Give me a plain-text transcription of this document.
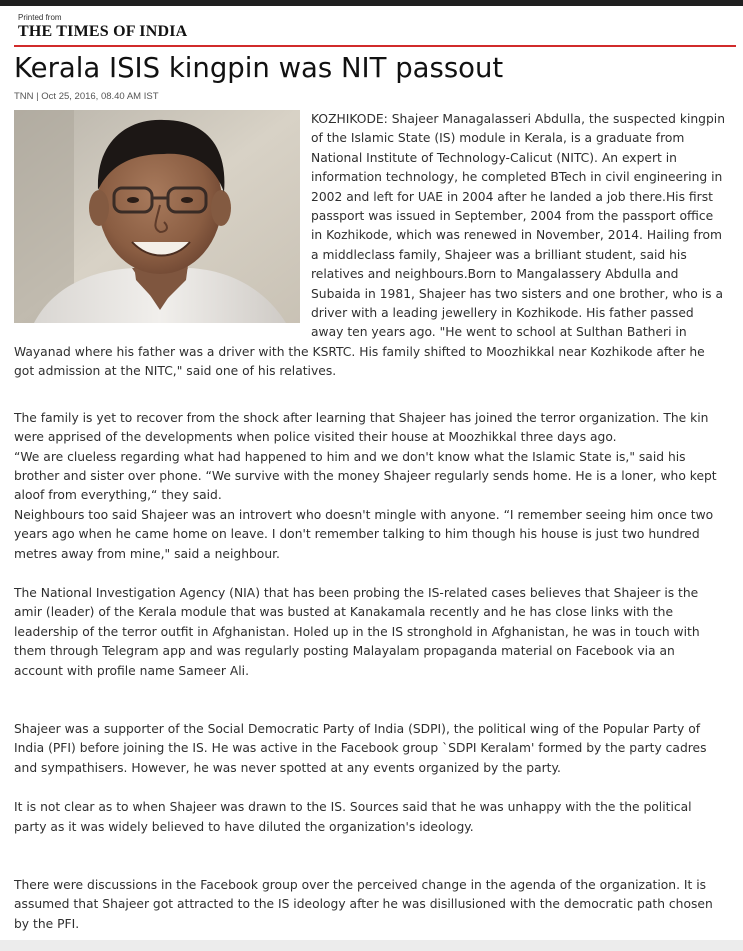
Printed from
THE TIMES OF INDIA
Kerala ISIS kingpin was NIT passout
TNN | Oct 25, 2016, 08.40 AM IST

KOZHIKODE: Shajeer Managalasseri Abdulla, the suspected kingpin of the Islamic State (IS) module in Kerala, is a graduate from National Institute of Technology-Calicut (NITC). An expert in information technology, he completed BTech in civil engineering in 2002 and left for UAE in 2004 after he landed a job there.His first passport was issued in September, 2004 from the passport office in Kozhikode, which was renewed in November, 2014. Hailing from a middleclass family, Shajeer was a brilliant student, said his relatives and neighbours.Born to Mangalassery Abdulla and Subaida in 1981, Shajeer has two sisters and one brother, who is a driver with a leading jewellery in Kozhikode. His father passed away ten years ago. "He went to school at Sulthan Batheri in Wayanad where his father was a driver with the KSRTC. His family shifted to Moozhikkal near Kozhikode after he got admission at the NITC," said one of his relatives.

The family is yet to recover from the shock after learning that Shajeer has joined the terror organization. The kin were apprised of the developments when police visited their house at Moozhikkal three days ago.

“We are clueless regarding what had happened to him and we don't know what the Islamic State is," said his brother and sister over phone. “We survive with the money Shajeer regularly sends home. He is a loner, who kept aloof from everything,“ they said.

Neighbours too said Shajeer was an introvert who doesn't mingle with anyone. “I remember seeing him once two years ago when he came home on leave. I don't remember talking to him though his house is just two hundred metres away from mine," said a neighbour.

The National Investigation Agency (NIA) that has been probing the IS-related cases believes that Shajeer is the amir (leader) of the Kerala module that was busted at Kanakamala recently and he has close links with the leadership of the terror outfit in Afghanistan. Holed up in the IS stronghold in Afghanistan, he was in touch with them through Telegram app and was regularly posting Malayalam propaganda material on Facebook via an account with profile name Sameer Ali.

Shajeer was a supporter of the Social Democratic Party of India (SDPI), the political wing of the Popular Party of India (PFI) before joining the IS. He was active in the Facebook group `SDPI Keralam' formed by the party cadres and sympathisers. However, he was never spotted at any events organized by the party.

It is not clear as to when Shajeer was drawn to the IS. Sources said that he was unhappy with the the political party as it was widely believed to have diluted the organization's ideology.

There were discussions in the Facebook group over the perceived change in the agenda of the organization. It is assumed that Shajeer got attracted to the IS ideology after he was disillusioned with the democratic path chosen by the PFI.
